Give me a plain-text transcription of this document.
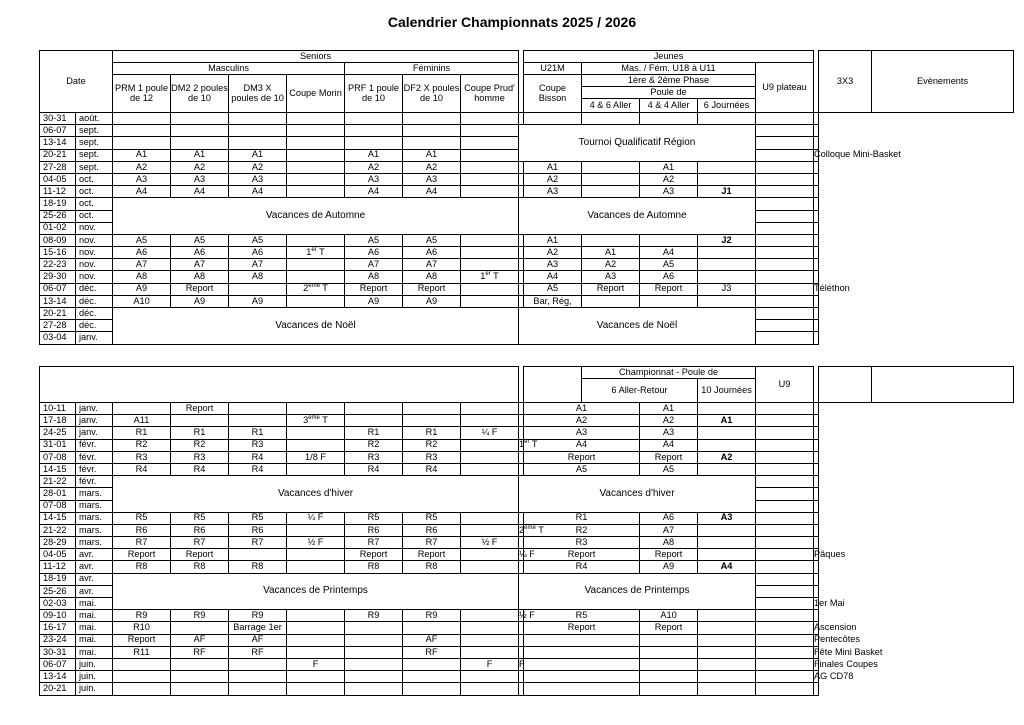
Calendrier Championnats 2025 / 2026
Date		Seniors								Jeunes						3X3	Evènements
		Masculins				Féminins				U21M	Mas. / Fém. U18 à U11			U9 plateau			
		PRM 1 poule de 12	DM2 2 poules de 10	DM3 X poules de 10	Coupe Morin	PRF 1 poule de 10	DF2 X poules de 10	Coupe Prud' homme		Coupe Bisson	1ère & 2ème Phase						
											Poule de						
											4 & 6 Aller	4 & 4 Aller	6 Journées				
30-31	août.																
06-07	sept.								Tournoi Qualificatif Région								
13-14	sept.																
20-21	sept.	A1	A1	A1		A1	A1								Colloque Mini-Basket		
27-28	sept.	A2	A2	A2		A2	A2			A1		A1					
04-05	oct.	A3	A3	A3		A3	A3			A2		A2					
11-12	oct.	A4	A4	A4		A4	A4			A3		A3	J1				
18-19	oct.	Vacances de Automne							Vacances de Automne								
25-26	oct.																
01-02	nov.																
08-09	nov.	A5	A5	A5		A5	A5			A1			J2				
15-16	nov.	A6	A6	A6	1er T	A6	A6			A2	A1	A4					
22-23	nov.	A7	A7	A7		A7	A7			A3	A2	A5					
29-30	nov.	A8	A8	A8		A8	A8	1er T		A4	A3	A6					
06-07	déc.	A9	Report		2ème T	Report	Report			A5	Report	Report	J3		Téléthon		
13-14	déc.	A10	A9	A9		A9	A9			Bar, Rég,							
20-21	déc.	Vacances de Noël							Vacances de Noël								
27-28	déc.																
03-04	janv.																
											Championnat - Poule de			U9			
											6 Aller-Retour		10 Journées				

10-11	janv.		Report							A1		A1					
17-18	janv.	A11			3ème T					A2		A2	A1				
24-25	janv.	R1	R1	R1		R1	R1	¼ F		A3		A3					
31-01	févr.	R2	R2	R3		R2	R2		1er T	A4		A4					
07-08	févr.	R3	R3	R4	1/8 F	R3	R3			Report		Report	A2				
14-15	févr.	R4	R4	R4		R4	R4			A5		A5					
21-22	févr.	Vacances d'hiver							Vacances d'hiver								
28-01	mars.																
07-08	mars.																
14-15	mars.	R5	R5	R5	¼ F	R5	R5			R1		A6	A3				
21-22	mars.	R6	R6	R6		R6	R6		2ème T	R2		A7					
28-29	mars.	R7	R7	R7	½ F	R7	R7	½ F		R3		A8					
04-05	avr.	Report	Report			Report	Report		¼ F	Report		Report			Pâques		
11-12	avr.	R8	R8	R8		R8	R8			R4		A9	A4				
18-19	avr.	Vacances de Printemps							Vacances de Printemps								
25-26	avr.																
02-03	mai.														1er Mai		
09-10	mai.	R9	R9	R9		R9	R9		½ F	R5		A10					
16-17	mai.	R10		Barrage 1er						Report		Report			Ascension		
23-24	mai.	Report	AF	AF			AF								Pentecôtes		
30-31	mai.	R11	RF	RF			RF								Fête Mini Basket		
06-07	juin.				F			F	F						Finales Coupes		
13-14	juin.														AG CD78		
20-21	juin.																
